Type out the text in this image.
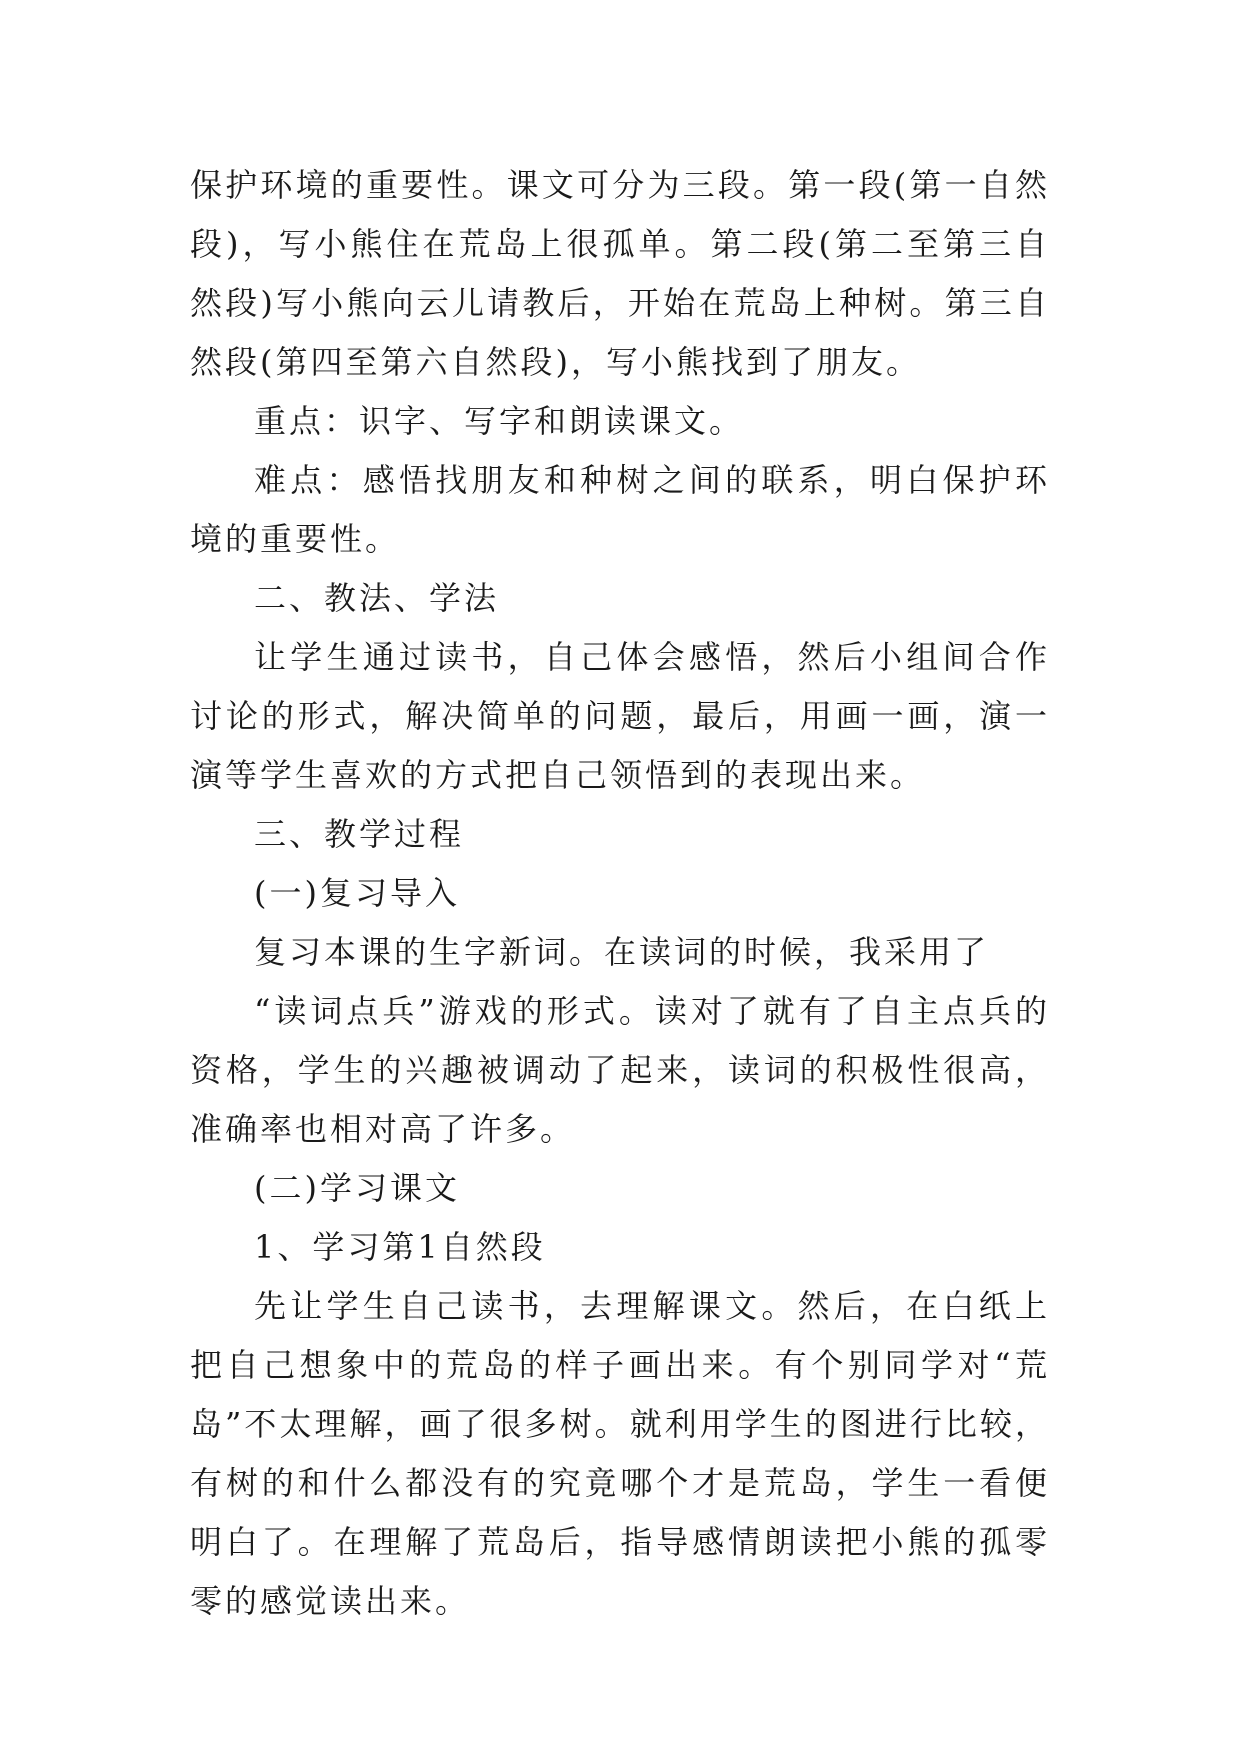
保护环境的重要性。课文可分为三段。第一段(第一自然段)，写小熊住在荒岛上很孤单。第二段(第二至第三自然段)写小熊向云儿请教后，开始在荒岛上种树。第三自然段(第四至第六自然段)，写小熊找到了朋友。

重点：识字、写字和朗读课文。

难点：感悟找朋友和种树之间的联系，明白保护环境的重要性。

二、教法、学法

让学生通过读书，自己体会感悟，然后小组间合作讨论的形式，解决简单的问题，最后，用画一画，演一演等学生喜欢的方式把自己领悟到的表现出来。

三、教学过程

(一)复习导入

复习本课的生字新词。在读词的时候，我采用了

“读词点兵”游戏的形式。读对了就有了自主点兵的资格，学生的兴趣被调动了起来，读词的积极性很高，准确率也相对高了许多。

(二)学习课文

1、学习第1自然段

先让学生自己读书，去理解课文。然后，在白纸上把自己想象中的荒岛的样子画出来。有个别同学对“荒岛”不太理解，画了很多树。就利用学生的图进行比较，有树的和什么都没有的究竟哪个才是荒岛，学生一看便明白了。在理解了荒岛后，指导感情朗读把小熊的孤零零的感觉读出来。
